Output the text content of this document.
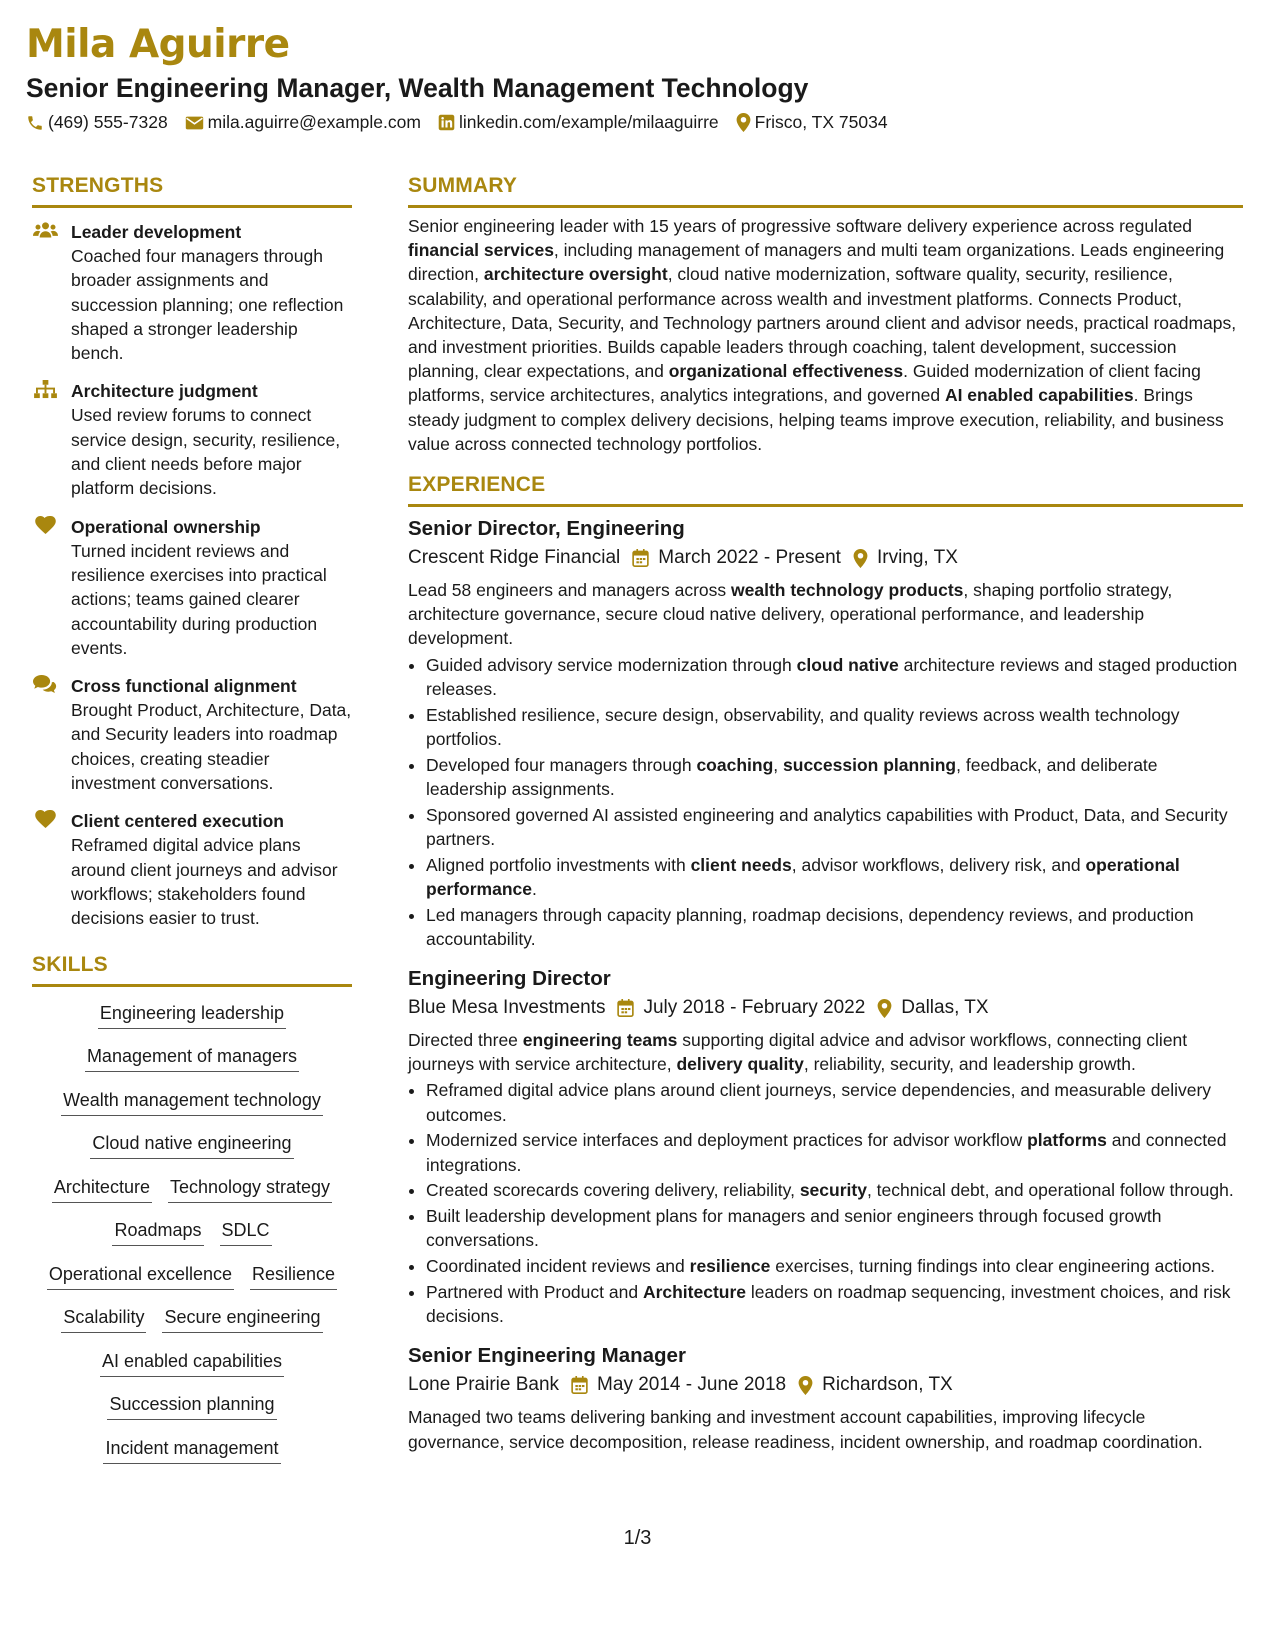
Mila Aguirre
Senior Engineering Manager, Wealth Management Technology
(469) 555-7328 mila.aguirre@example.com linkedin.com/example/milaaguirre Frisco, TX 75034
STRENGTHS
Leader development
Coached four managers through broader assignments and succession planning; one reflection shaped a stronger leadership bench.
Architecture judgment
Used review forums to connect service design, security, resilience, and client needs before major platform decisions.
Operational ownership
Turned incident reviews and resilience exercises into practical actions; teams gained clearer accountability during production events.
Cross functional alignment
Brought Product, Architecture, Data, and Security leaders into roadmap choices, creating steadier investment conversations.
Client centered execution
Reframed digital advice plans around client journeys and advisor workflows; stakeholders found decisions easier to trust.
SKILLS
Engineering leadership
Management of managers
Wealth management technology
Cloud native engineering
Architecture Technology strategy
Roadmaps SDLC
Operational excellence Resilience
Scalability Secure engineering
AI enabled capabilities
Succession planning
Incident management
SUMMARY

Senior engineering leader with 15 years of progressive software delivery experience across regulated financial services, including management of managers and multi team organizations. Leads engineering direction, architecture oversight, cloud native modernization, software quality, security, resilience, scalability, and operational performance across wealth and investment platforms. Connects Product, Architecture, Data, Security, and Technology partners around client and advisor needs, practical roadmaps, and investment priorities. Builds capable leaders through coaching, talent development, succession planning, clear expectations, and organizational effectiveness. Guided modernization of client facing platforms, service architectures, analytics integrations, and governed AI enabled capabilities. Brings steady judgment to complex delivery decisions, helping teams improve execution, reliability, and business value across connected technology portfolios.

EXPERIENCE
Senior Director, Engineering
Crescent Ridge Financial March 2022 - Present Irving, TX
Lead 58 engineers and managers across wealth technology products, shaping portfolio strategy, architecture governance, secure cloud native delivery, operational performance, and leadership development.
• Guided advisory service modernization through cloud native architecture reviews and staged production releases.
• Established resilience, secure design, observability, and quality reviews across wealth technology portfolios.
• Developed four managers through coaching, succession planning, feedback, and deliberate leadership assignments.
• Sponsored governed AI assisted engineering and analytics capabilities with Product, Data, and Security partners.
• Aligned portfolio investments with client needs, advisor workflows, delivery risk, and operational performance.
• Led managers through capacity planning, roadmap decisions, dependency reviews, and production accountability.
Engineering Director
Blue Mesa Investments July 2018 - February 2022 Dallas, TX
Directed three engineering teams supporting digital advice and advisor workflows, connecting client journeys with service architecture, delivery quality, reliability, security, and leadership growth.
• Reframed digital advice plans around client journeys, service dependencies, and measurable delivery outcomes.
• Modernized service interfaces and deployment practices for advisor workflow platforms and connected integrations.
• Created scorecards covering delivery, reliability, security, technical debt, and operational follow through.
• Built leadership development plans for managers and senior engineers through focused growth conversations.
• Coordinated incident reviews and resilience exercises, turning findings into clear engineering actions.
• Partnered with Product and Architecture leaders on roadmap sequencing, investment choices, and risk decisions.
Senior Engineering Manager
Lone Prairie Bank May 2014 - June 2018 Richardson, TX
Managed two teams delivering banking and investment account capabilities, improving lifecycle governance, service decomposition, release readiness, incident ownership, and roadmap coordination.
1/3
